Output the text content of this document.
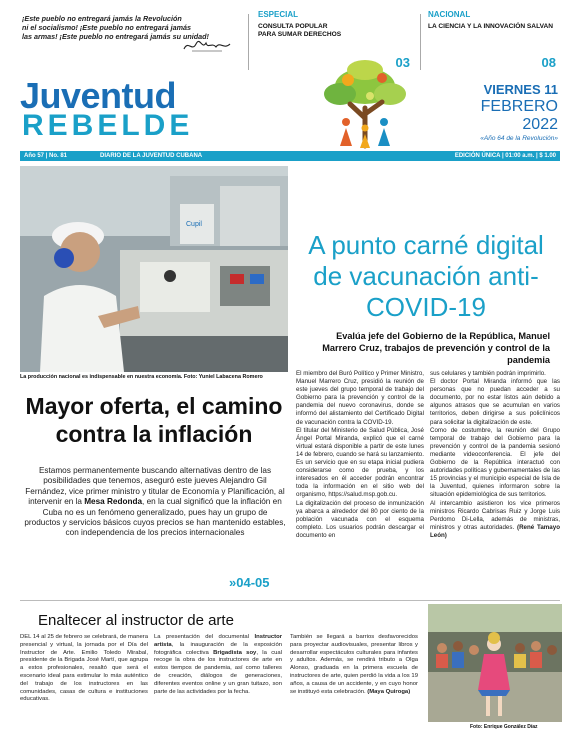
¡Este pueblo no entregará jamás la Revolución
ni el socialismo! ¡Este pueblo no entregará jamás
las armas! ¡Este pueblo no entregará jamás su unidad!
ESPECIAL
CONSULTA POPULAR
PARA SUMAR DERECHOS
03
NACIONAL
LA CIENCIA Y LA INNOVACIÓN SALVAN
08
Juventud
REBELDE
VIERNES 11
FEBRERO
2022
«Año 64 de la Revolución»
Año 57 | No. 81	DIARIO DE LA JUVENTUD CUBANA	EDICIÓN ÚNICA | 01:00 a.m. | $ 1.00
Cupil
La producción nacional es indispensable en nuestra economía. Foto: Yuniel Labacena Romero
A punto carné digital de vacunación anti-COVID-19
Evalúa jefe del Gobierno de la República, Manuel Marrero Cruz, trabajos de prevención y control de la pandemia

El miembro del Buró Político y Primer Ministro, Manuel Marrero Cruz, presidió la reunión de este jueves del grupo temporal de trabajo del Gobierno para la prevención y control de la pandemia del nuevo coronavirus, donde se informó del alistamiento del Certificado Digital de vacunación contra la COVID-19.

El titular del Ministerio de Salud Pública, José Ángel Portal Miranda, explicó que el carné virtual estará disponible a partir de este lunes 14 de febrero, cuando se hará su lanzamiento.

Es un servicio que en su etapa inicial pudiera considerarse como de prueba, y los interesados en él acceder podrán encontrar toda la información en el sitio web del organismo, https://salud.msp.gob.cu.

La digitalización del proceso de inmunización ya abarca a alrededor del 80 por ciento de la población vacunada con el esquema completo. Los usuarios podrán descargar el documento en

sus celulares y también podrán imprimirlo.

El doctor Portal Miranda informó que las personas que no puedan acceder a su documento, por no estar listos aún debido a algunos atrasos que se acumulan en varios territorios, deben dirigirse a sus policlínicos para solicitar la digitalización de este.

Como de costumbre, la reunión del Grupo temporal de trabajo del Gobierno para la prevención y control de la pandemia sesionó mediante videoconferencia. El jefe del Gobierno de la República interactuó con autoridades políticas y gubernamentales de las 15 provincias y el municipio especial de Isla de la Juventud, quienes informaron sobre la situación epidemiológica de sus territorios.

Al intercambio asistieron los vice primeros ministros Ricardo Cabrisas Ruiz y Jorge Luis Perdomo Di-Lella, además de ministras, ministros y otras autoridades. (René Tamayo León)

Mayor oferta, el camino contra la inflación
Estamos permanentemente buscando alternativas dentro de las posibilidades que tenemos, aseguró este jueves Alejandro Gil Fernández, vice primer ministro y titular de Economía y Planificación, al intervenir en la Mesa Redonda, en la cual significó que la inflación en Cuba no es un fenómeno generalizado, pues hay un grupo de productos y servicios básicos cuyos precios se han mantenido estables, con independencia de los precios internacionales
»04-05
Enaltecer al instructor de arte

DEL 14 al 25 de febrero se celebrará, de manera presencial y virtual, la jornada por el Día del Instructor de Arte. Emilio Toledo Mirabal, presidente de la Brigada José Martí, que agrupa a estos profesionales, resaltó que será el escenario ideal para estimular lo más auténtico del trabajo de los instructores en las comunidades, casas de cultura e instituciones educativas.

La presentación del documental Instructor artista, la inauguración de la exposición fotográfica colectiva Brigadista soy, la cual recoge la obra de los instructores de arte en estos tiempos de pandemia, así como talleres de creación, diálogos de generaciones, diferentes eventos online y un gran tuitazo, son parte de las actividades por la fecha.

También se llegará a barrios desfavorecidos para proyectar audiovisuales, presentar libros y desarrollar espectáculos culturales para infantes y adultos. Además, se rendirá tributo a Olga Alonso, graduada en la primera escuela de instructores de arte, quien perdió la vida a los 19 años, a causa de un accidente, y en cuyo honor se instituyó esta celebración. (Maya Quiroga)

Foto: Enrique González Díaz
